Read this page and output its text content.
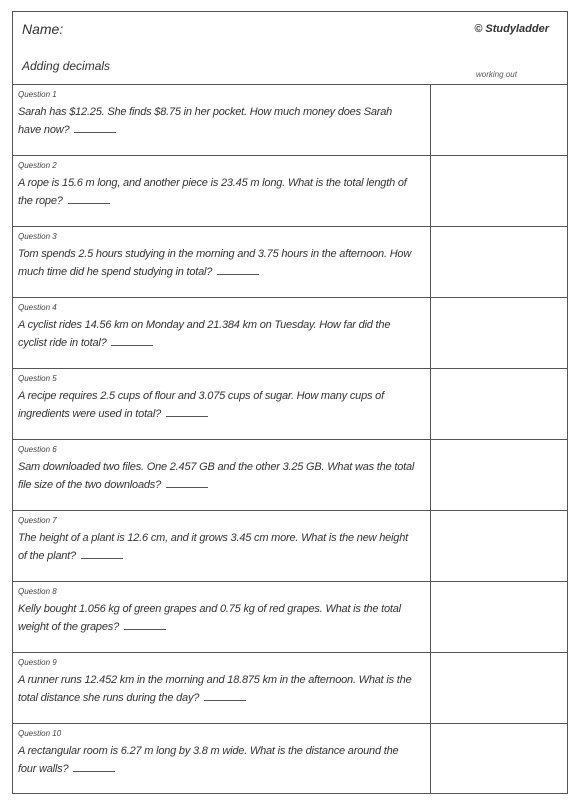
Name:
Adding decimals
© Studyladder
working out
Question 1
Sarah has $12.25. She finds $8.75 in her pocket. How much money does Sarah have now?
Question 2
A rope is 15.6 m long, and another piece is 23.45 m long. What is the total length of the rope?
Question 3
Tom spends 2.5 hours studying in the morning and 3.75 hours in the afternoon. How much time did he spend studying in total?
Question 4
A cyclist rides 14.56 km on Monday and 21.384 km on Tuesday. How far did the cyclist ride in total?
Question 5
A recipe requires 2.5 cups of flour and 3.075 cups of sugar. How many cups of ingredients were used in total?
Question 6
Sam downloaded two files. One 2.457 GB and the other 3.25 GB. What was the total file size of the two downloads?
Question 7
The height of a plant is 12.6 cm, and it grows 3.45 cm more. What is the new height of the plant?
Question 8
Kelly bought 1.056 kg of green grapes and 0.75 kg of red grapes. What is the total weight of the grapes?
Question 9
A runner runs 12.452 km in the morning and 18.875 km in the afternoon. What is the total distance she runs during the day?
Question 10
A rectangular room is 6.27 m long by 3.8 m wide. What is the distance around the four walls?
